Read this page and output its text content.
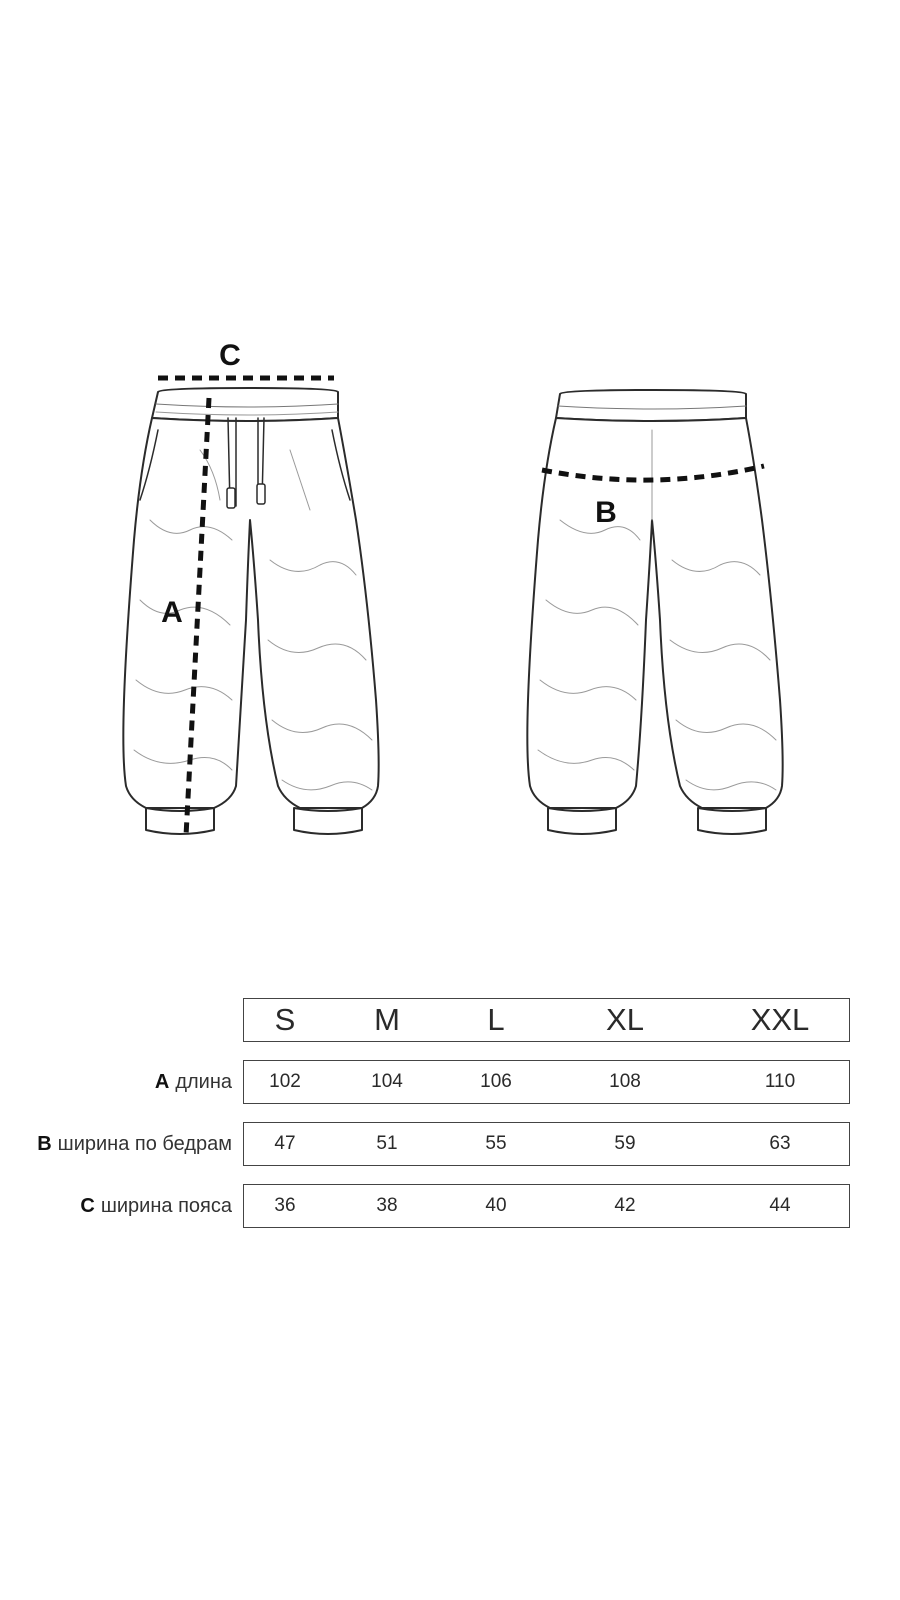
C
A
B
S	M	L	XL	XXL
A длина 102	104	106	108	110
B ширина по бедрам 47	51	55	59	63
C ширина пояса 36	38	40	42	44
